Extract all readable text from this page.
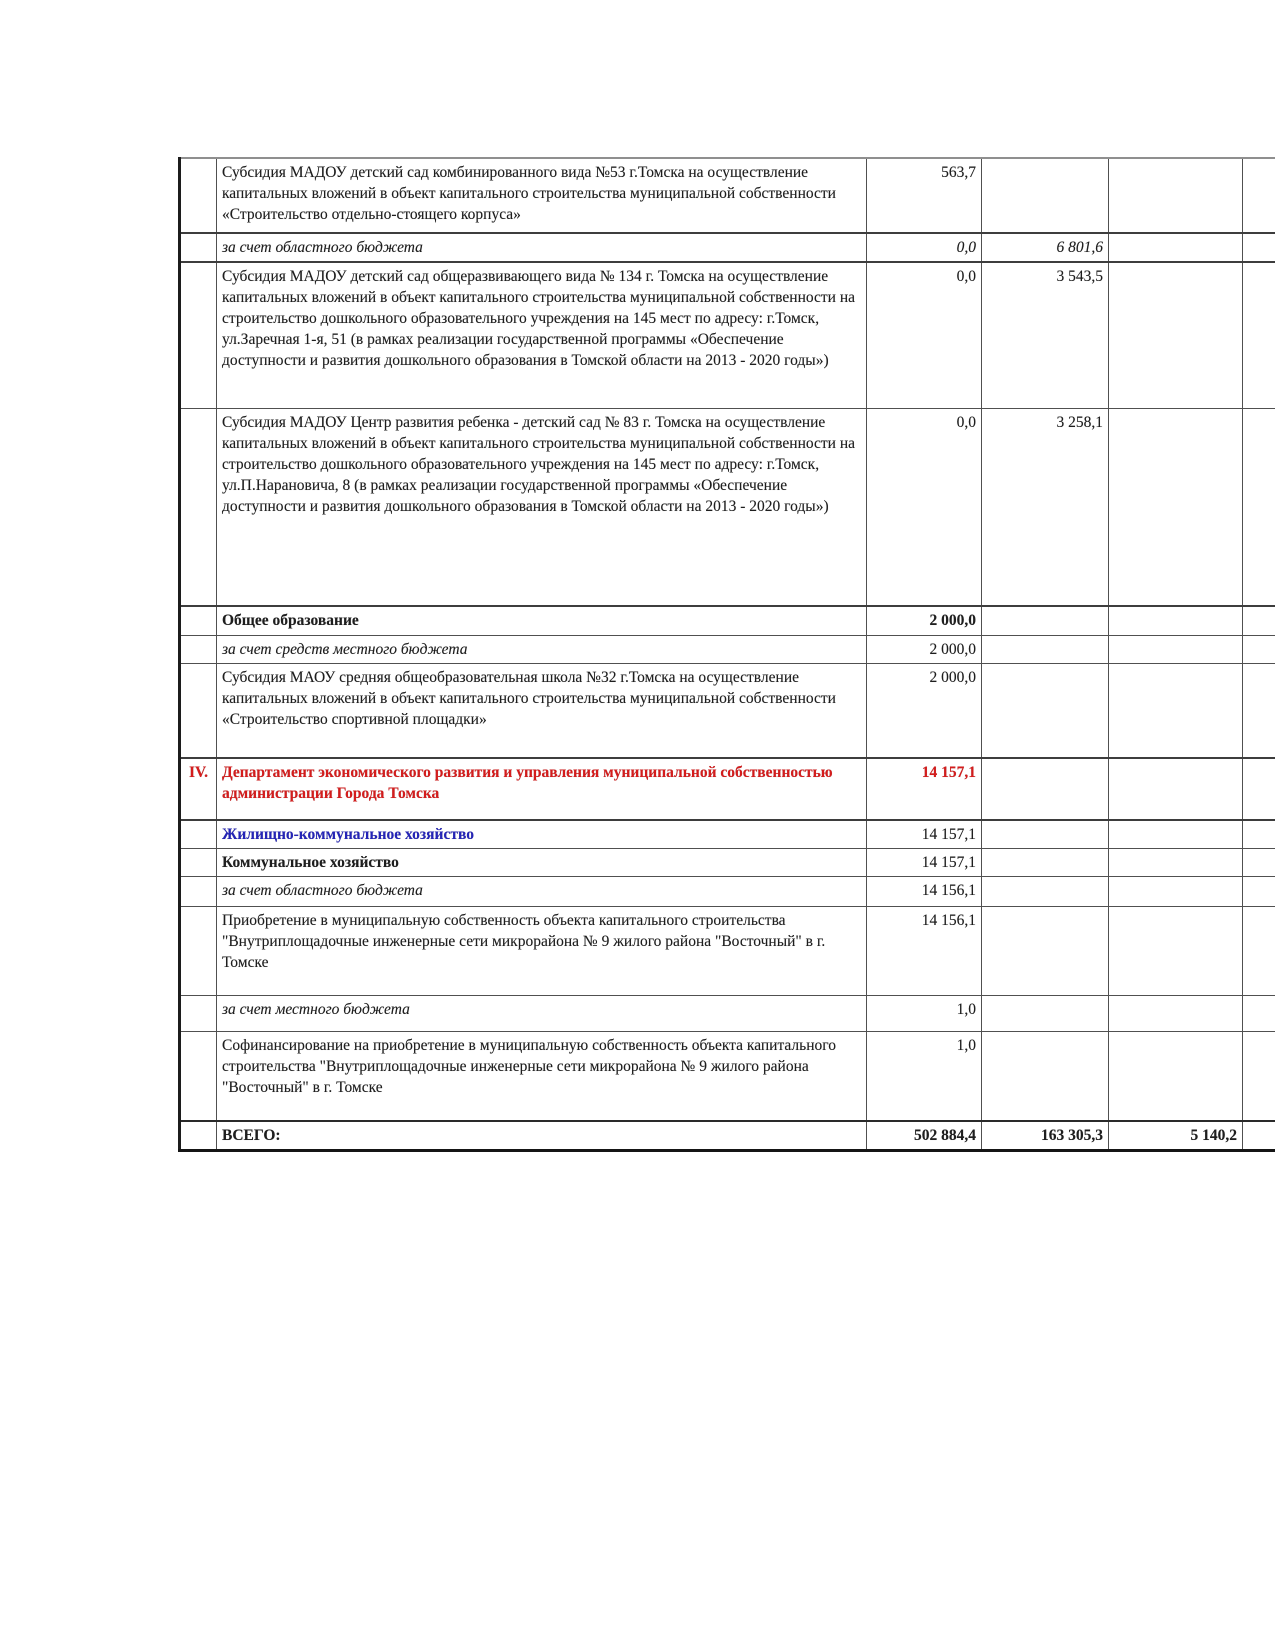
	Субсидия МАДОУ детский сад комбинированного вида №53 г.Томска на осуществление капитальных вложений в объект капитального строительства муниципальной собственности «Строительство отдельно-стоящего корпуса»	563,7			
	за счет областного бюджета	0,0	6 801,6		
	Субсидия МАДОУ детский сад общеразвивающего вида № 134 г. Томска на осуществление капитальных вложений в объект капитального строительства муниципальной собственности на строительство дошкольного образовательного учреждения на 145 мест по адресу: г.Томск, ул.Заречная 1-я, 51 (в рамках реализации государственной программы «Обеспечение доступности и развития дошкольного образования в Томской области на 2013 - 2020 годы»)	0,0	3 543,5		
	Субсидия МАДОУ Центр развития ребенка - детский сад № 83 г. Томска на осуществление капитальных вложений в объект капитального строительства муниципальной собственности на строительство дошкольного образовательного учреждения на 145 мест по адресу: г.Томск, ул.П.Нарановича, 8 (в рамках реализации государственной программы «Обеспечение доступности и развития дошкольного образования в Томской области на 2013 - 2020 годы»)	0,0	3 258,1		
	Общее образование	2 000,0			
	за счет средств местного бюджета	2 000,0			
	Субсидия МАОУ средняя общеобразовательная школа №32 г.Томска на осуществление капитальных вложений в объект капитального строительства муниципальной собственности «Строительство спортивной площадки»	2 000,0			
IV.	Департамент экономического развития и управления муниципальной собственностью администрации Города Томска	14 157,1			
	Жилищно-коммунальное хозяйство	14 157,1			
	Коммунальное хозяйство	14 157,1			
	за счет областного бюджета	14 156,1			
	Приобретение в муниципальную собственность объекта капитального строительства "Внутриплощадочные инженерные сети микрорайона № 9 жилого района "Восточный" в г. Томске	14 156,1			
	за счет местного бюджета	1,0			
	Софинансирование на приобретение в муниципальную собственность объекта капитального строительства "Внутриплощадочные инженерные сети микрорайона № 9 жилого района "Восточный" в г. Томске	1,0			
	ВСЕГО:	502 884,4	163 305,3	5 140,2	
